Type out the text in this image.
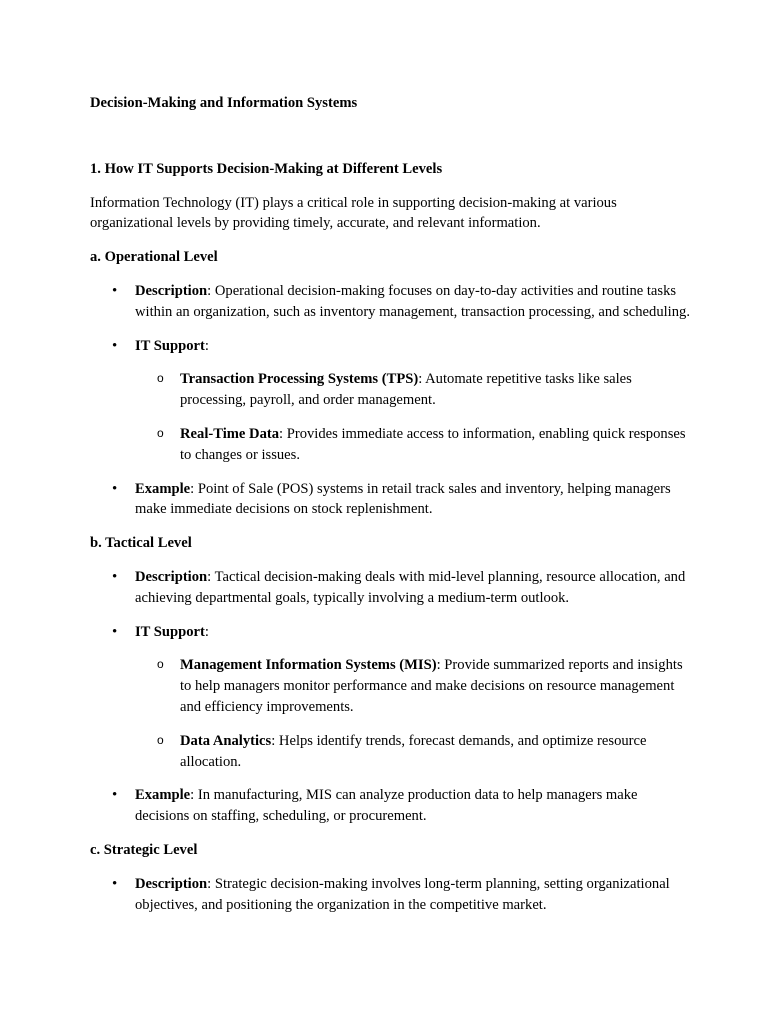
Decision-Making and Information Systems

1. How IT Supports Decision-Making at Different Levels

Information Technology (IT) plays a critical role in supporting decision-making at various organizational levels by providing timely, accurate, and relevant information.

a. Operational Level

• Description: Operational decision-making focuses on day-to-day activities and routine tasks within an organization, such as inventory management, transaction processing, and scheduling.
• IT Support:
o Transaction Processing Systems (TPS): Automate repetitive tasks like sales processing, payroll, and order management.
o Real-Time Data: Provides immediate access to information, enabling quick responses to changes or issues.
• Example: Point of Sale (POS) systems in retail track sales and inventory, helping managers make immediate decisions on stock replenishment.

b. Tactical Level

• Description: Tactical decision-making deals with mid-level planning, resource allocation, and achieving departmental goals, typically involving a medium-term outlook.
• IT Support:
o Management Information Systems (MIS): Provide summarized reports and insights to help managers monitor performance and make decisions on resource management and efficiency improvements.
o Data Analytics: Helps identify trends, forecast demands, and optimize resource allocation.
• Example: In manufacturing, MIS can analyze production data to help managers make decisions on staffing, scheduling, or procurement.

c. Strategic Level

• Description: Strategic decision-making involves long-term planning, setting organizational objectives, and positioning the organization in the competitive market.
